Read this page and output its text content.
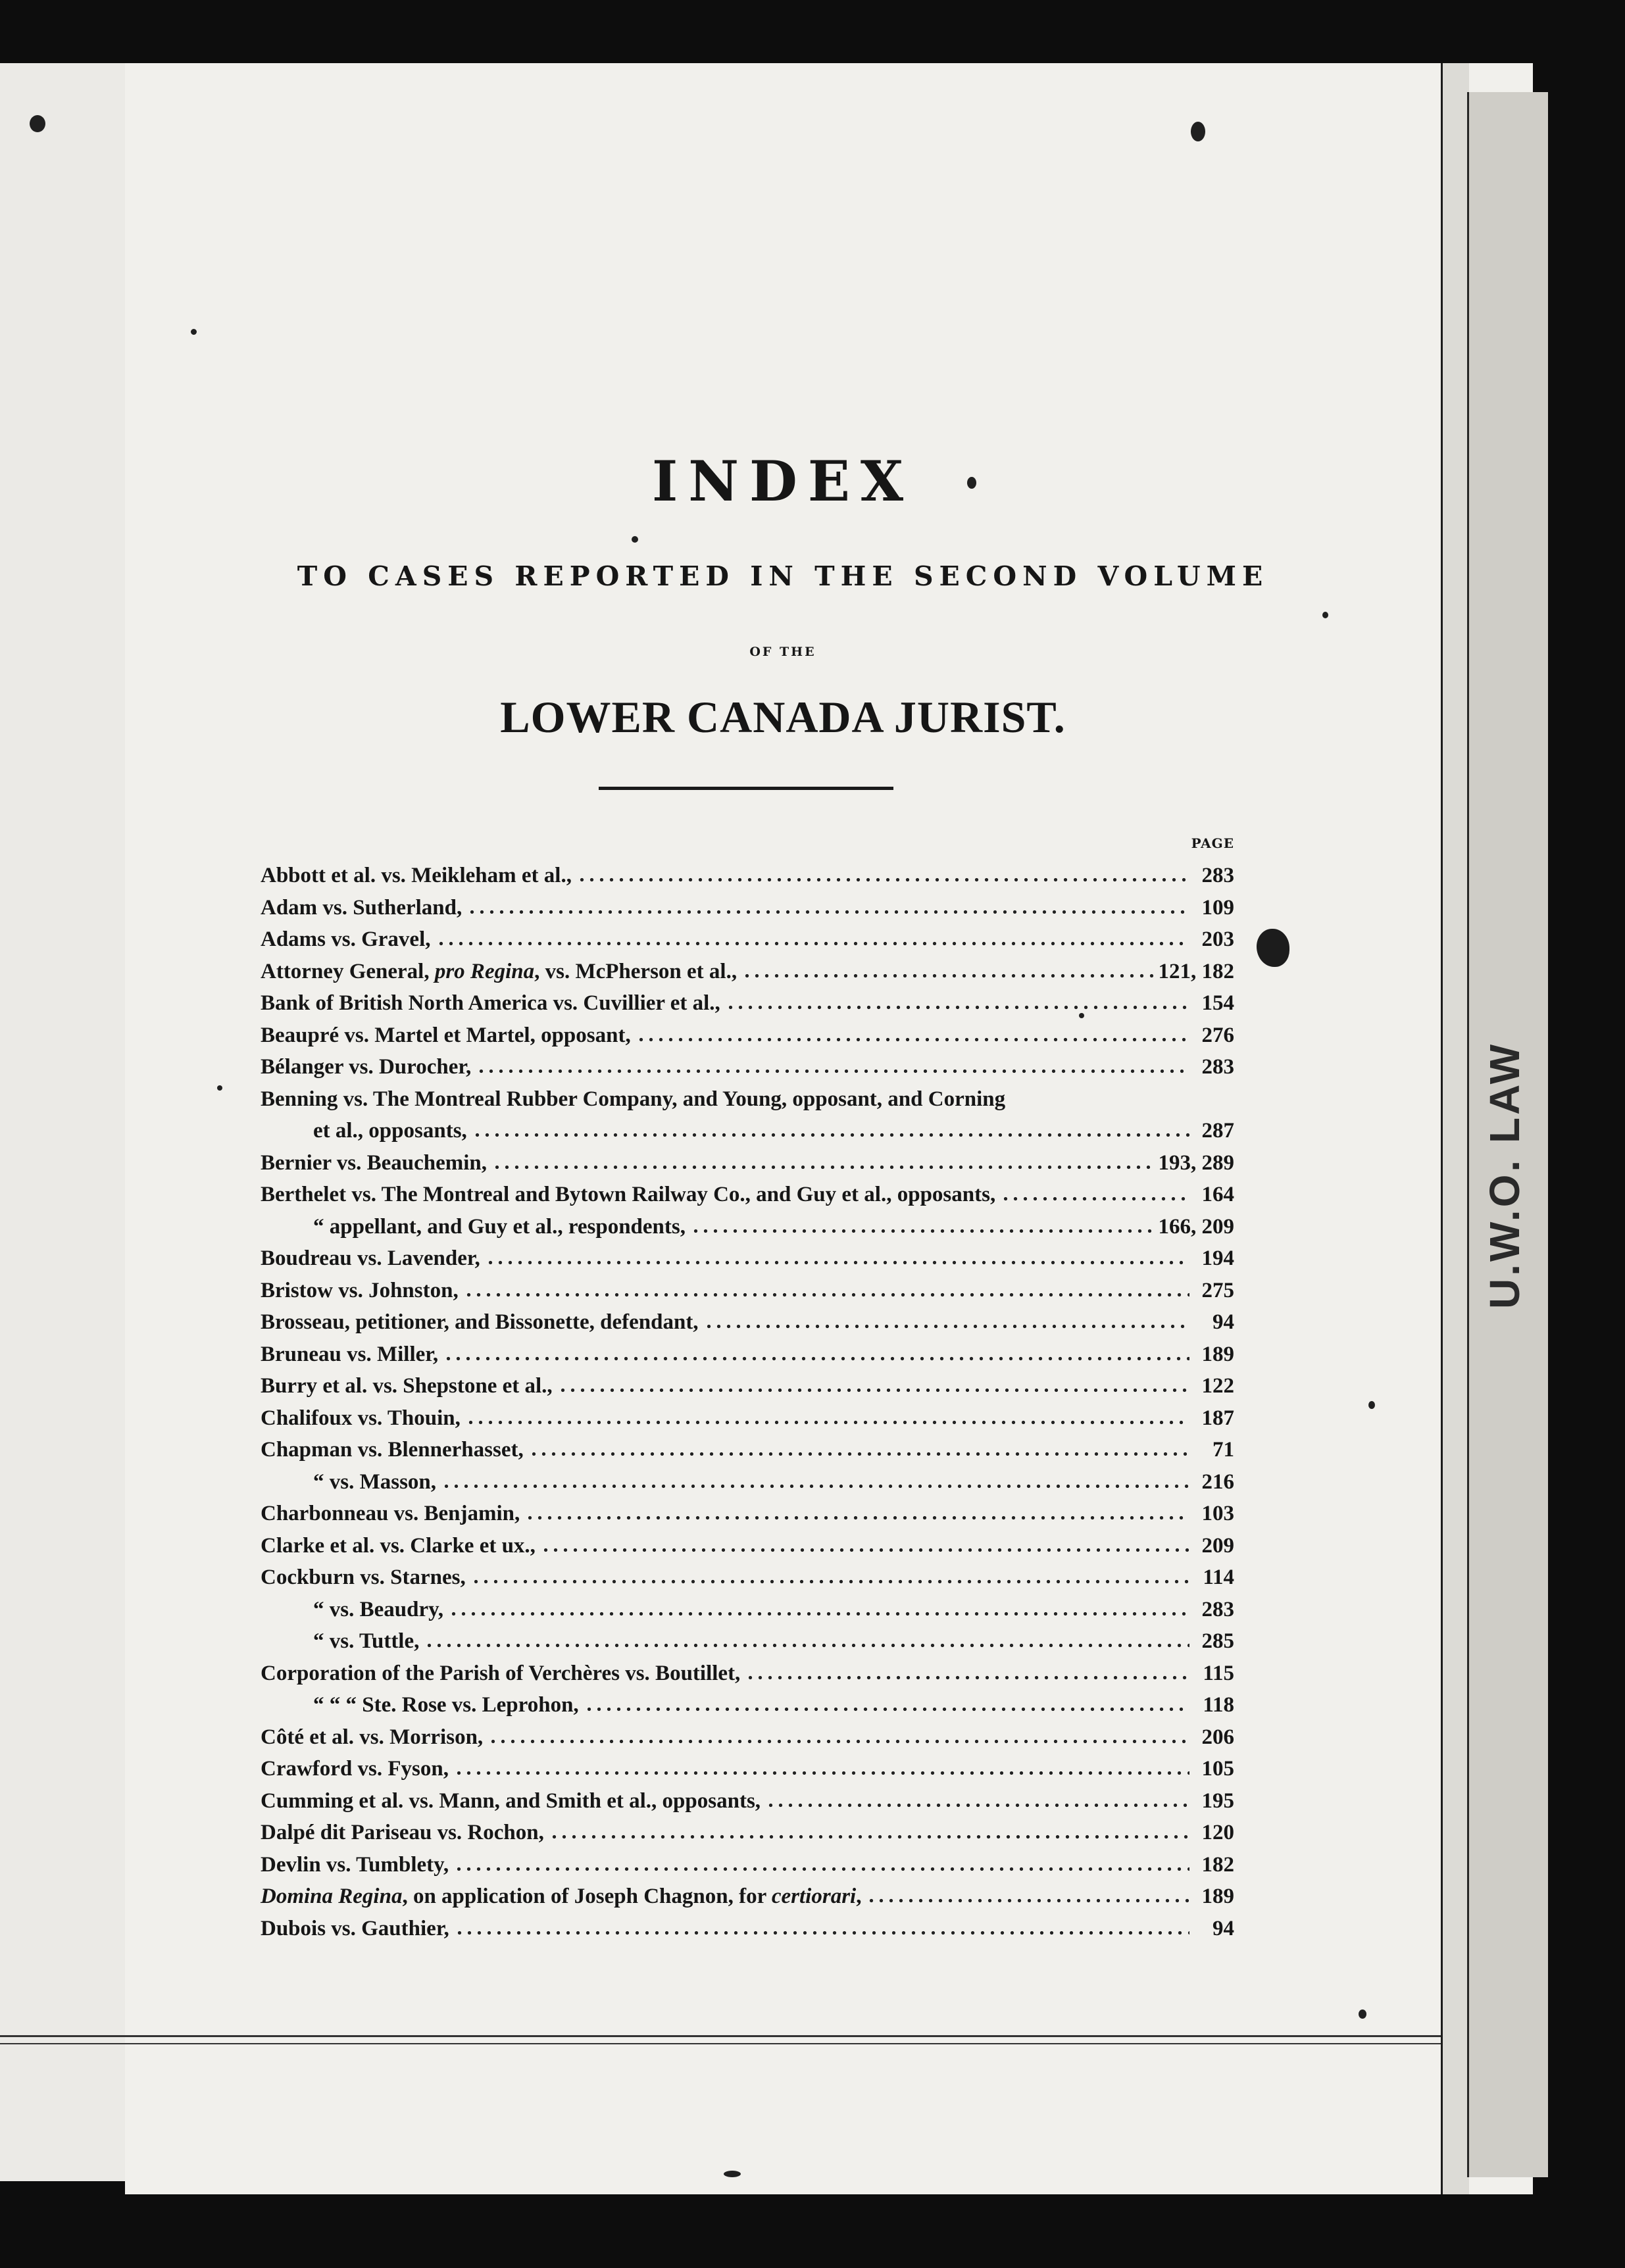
U.W.O. LAW
INDEX
TO CASES REPORTED IN THE SECOND VOLUME
OF THE
LOWER CANADA JURIST.
PAGE
Abbott et al. vs. Meikleham et al.,	283
Adam vs. Sutherland,	109
Adams vs. Gravel,	203
Attorney General, pro Regina, vs. McPherson et al.,	121, 182
Bank of British North America vs. Cuvillier et al.,	154
Beaupré vs. Martel et Martel, opposant,	276
Bélanger vs. Durocher,	283
Benning vs. The Montreal Rubber Company, and Young, opposant, and Corning
et al., opposants,	287
Bernier vs. Beauchemin,	193, 289
Berthelet vs. The Montreal and Bytown Railway Co., and Guy et al., opposants,	164
“ appellant, and Guy et al., respondents,	166, 209
Boudreau vs. Lavender,	194
Bristow vs. Johnston,	275
Brosseau, petitioner, and Bissonette, defendant,	94
Bruneau vs. Miller,	189
Burry et al. vs. Shepstone et al.,	122
Chalifoux vs. Thouin,	187
Chapman vs. Blennerhasset,	71
“ vs. Masson,	216
Charbonneau vs. Benjamin,	103
Clarke et al. vs. Clarke et ux.,	209
Cockburn vs. Starnes,	114
“ vs. Beaudry,	283
“ vs. Tuttle,	285
Corporation of the Parish of Verchères vs. Boutillet,	115
“ “ “ Ste. Rose vs. Leprohon,	118
Côté et al. vs. Morrison,	206
Crawford vs. Fyson,	105
Cumming et al. vs. Mann, and Smith et al., opposants,	195
Dalpé dit Pariseau vs. Rochon,	120
Devlin vs. Tumblety,	182
Domina Regina, on application of Joseph Chagnon, for certiorari,	189
Dubois vs. Gauthier,	94
